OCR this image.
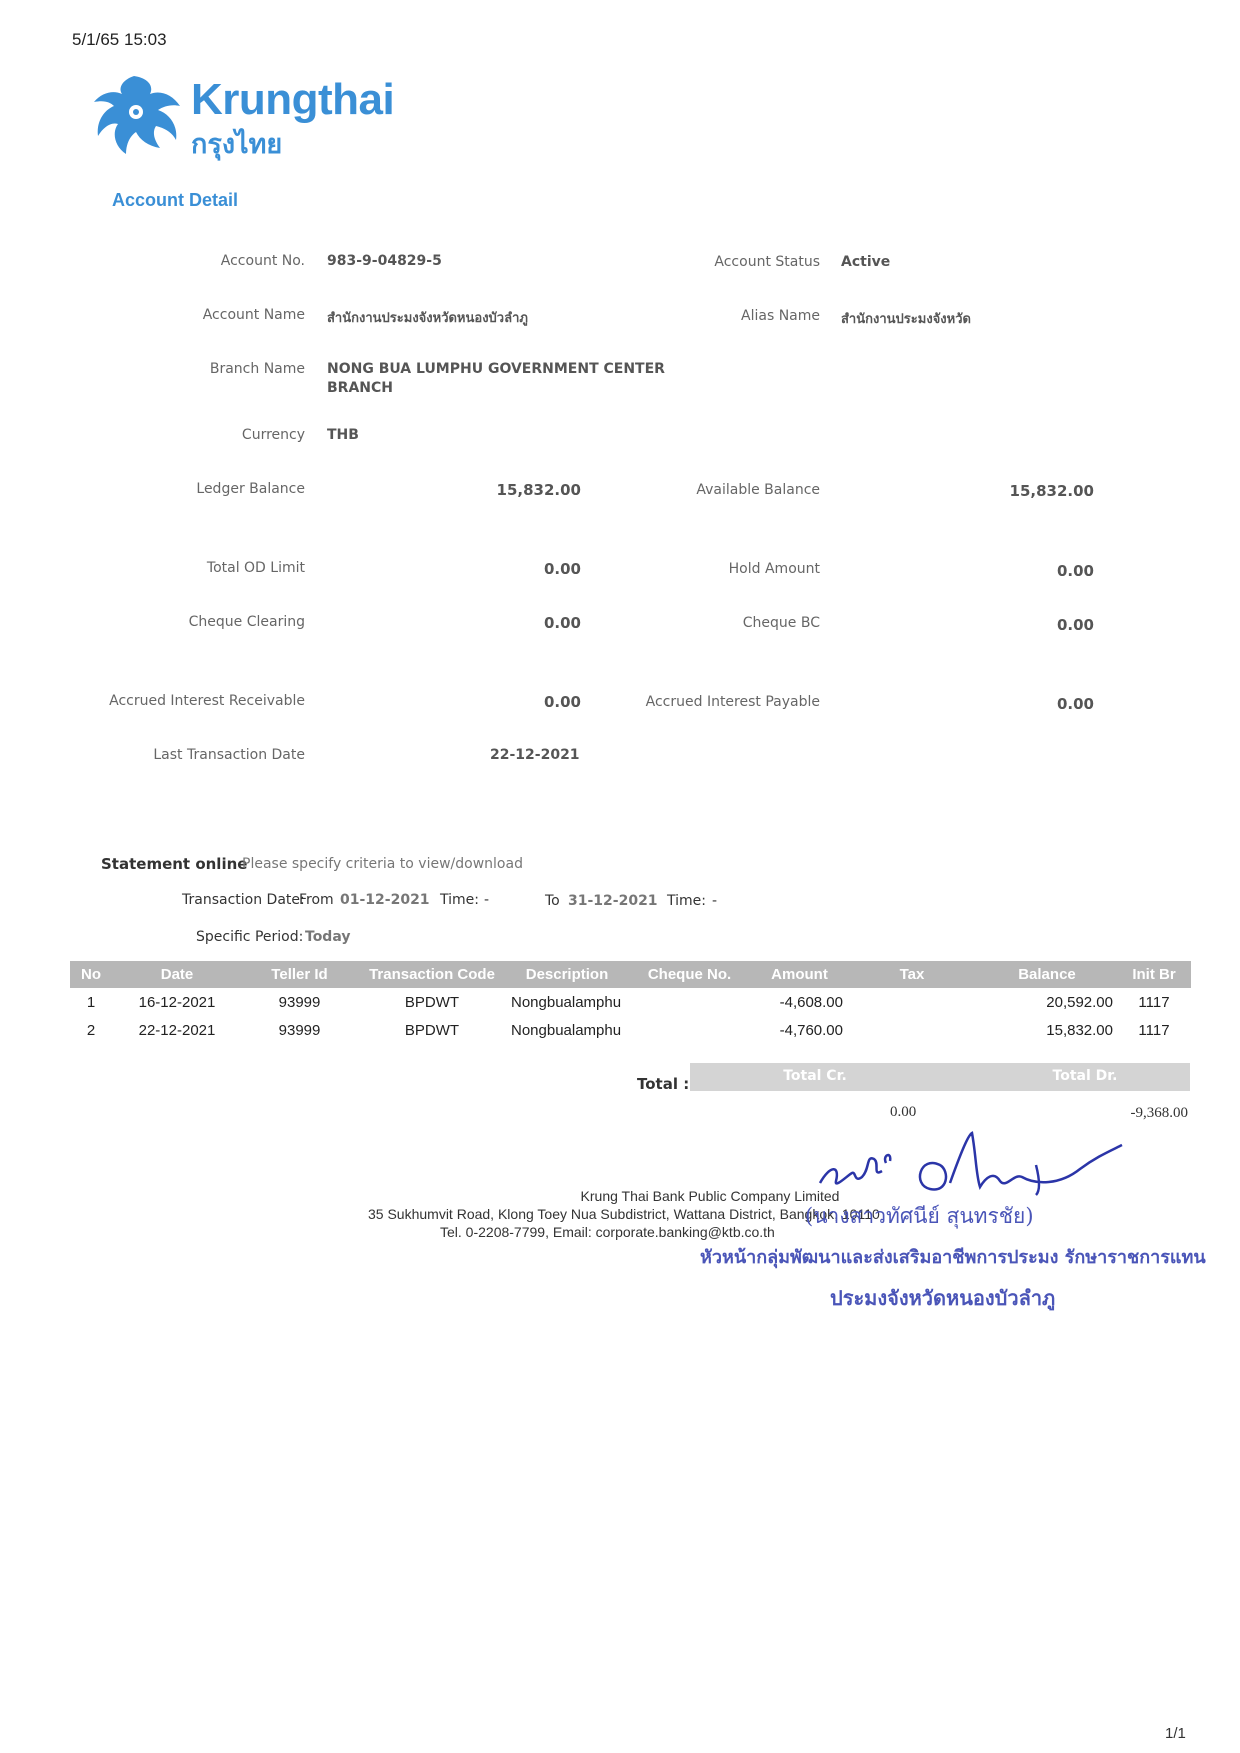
5/1/65 15:03
Krungthai
กรุงไทย
Account Detail
Account No. 983-9-04829-5	Account Status Active
Account Name สำนักงานประมงจังหวัดหนองบัวลำภู	Alias Name สำนักงานประมงจังหวัด
Branch Name NONG BUA LUMPHU GOVERNMENT CENTER
BRANCH
Currency THB
Ledger Balance	15,832.00	Available Balance	15,832.00
Total OD Limit	0.00	Hold Amount	0.00
Cheque Clearing	0.00	Cheque BC	0.00
Accrued Interest Receivable	0.00	Accrued Interest Payable	0.00
Last Transaction Date	22-12-2021
Statement online
Please specify criteria to view/download
Transaction Date:
From 01-12-2021 Time: -	To 31-12-2021 Time: -
Specific Period: Today
No	Date	Teller Id	Transaction Code	Description	Cheque No.	Amount	Tax	Balance	Init Br
1	16-12-2021	93999	BPDWT	Nongbualamphu		-4,608.00		20,592.00	1117
2	22-12-2021	93999	BPDWT	Nongbualamphu		-4,760.00		15,832.00	1117
Total :	Total Cr.	Total Dr.
0.00	-9,368.00
Krung Thai Bank Public Company Limited
35 Sukhumvit Road, Klong Toey Nua Subdistrict, Wattana District, Bangkok, 10110
Tel. 0-2208-7799, Email: corporate.banking@ktb.co.th
(นางสาวทัศนีย์ สุนทรชัย)
หัวหน้ากลุ่มพัฒนาและส่งเสริมอาชีพการประมง รักษาราชการแทน
ประมงจังหวัดหนองบัวลำภู
1/1
